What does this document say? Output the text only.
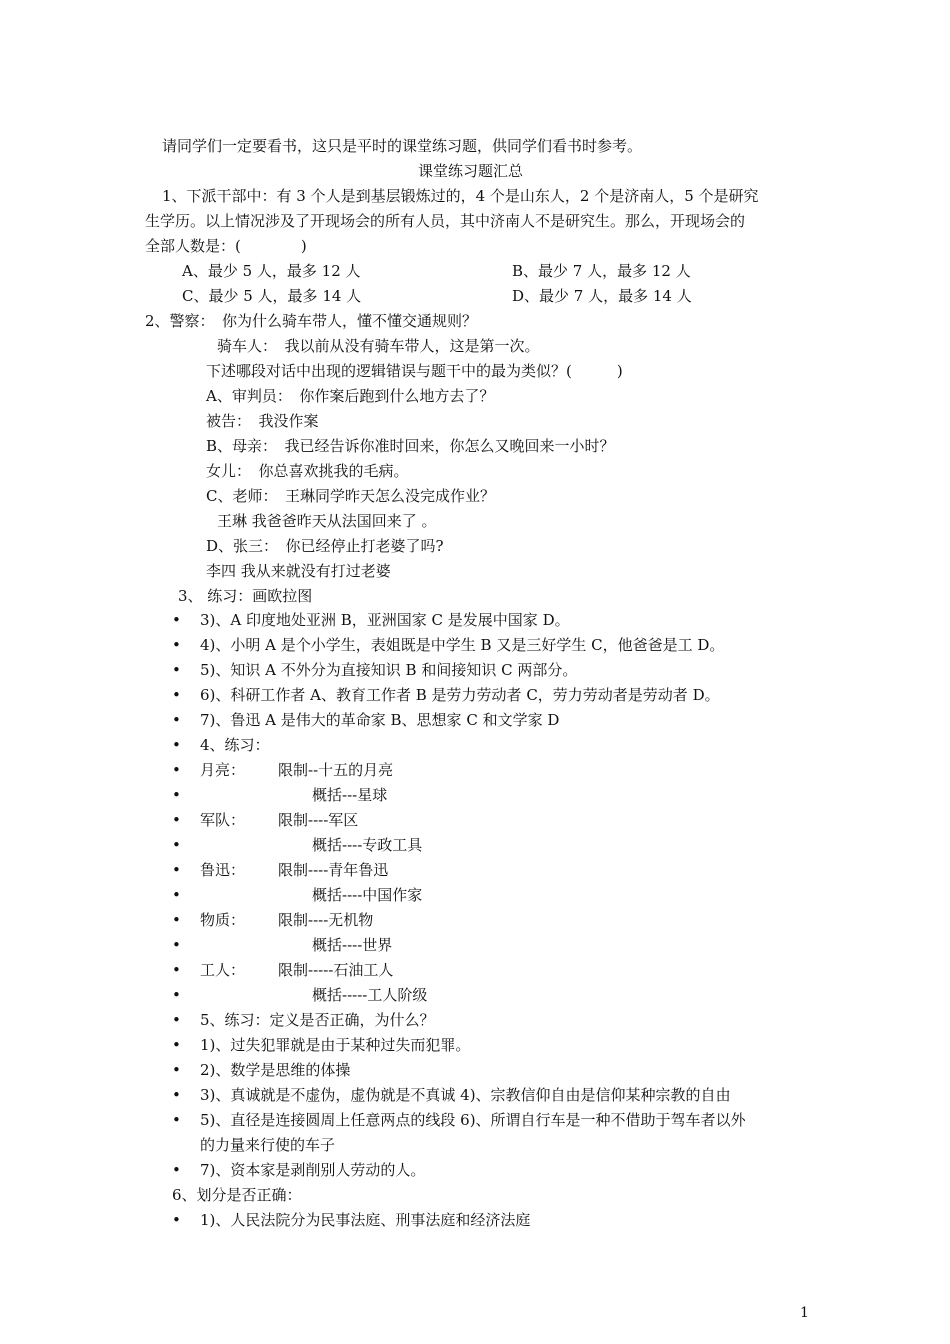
请同学们一定要看书，这只是平时的课堂练习题，供同学们看书时参考。
课堂练习题汇总
1、下派干部中：有 3 个人是到基层锻炼过的，4 个是山东人，2 个是济南人，5 个是研究
生学历。以上情况涉及了开现场会的所有人员，其中济南人不是研究生。那么，开现场会的
全部人数是：(　　　　)
A、最少 5 人，最多 12 人	B、最少 7 人，最多 12 人
C、最少 5 人，最多 14 人	D、最少 7 人，最多 14 人
2、警察：　你为什么骑车带人，懂不懂交通规则？
骑车人：　我以前从没有骑车带人，这是第一次。
下述哪段对话中出现的逻辑错误与题干中的最为类似？(　　　)
A、审判员：　你作案后跑到什么地方去了？
被告：　我没作案
B、母亲：　我已经告诉你准时回来，你怎么又晚回来一小时？
女儿：　你总喜欢挑我的毛病。
C、老师：　王琳同学昨天怎么没完成作业？
王琳 我爸爸昨天从法国回来了 。
D、张三：　你已经停止打老婆了吗?
李四 我从来就没有打过老婆
3、 练习：画欧拉图
• 3)、A 印度地处亚洲 B，亚洲国家 C 是发展中国家 D。
• 4)、小明 A 是个小学生，表姐既是中学生 B 又是三好学生 C，他爸爸是工 D。
• 5)、知识 A 不外分为直接知识 B 和间接知识 C 两部分。
• 6)、科研工作者 A、教育工作者 B 是劳力劳动者 C，劳力劳动者是劳动者 D。
• 7)、鲁迅 A 是伟大的革命家 B、思想家 C 和文学家 D
• 4、练习：
• 月亮： 限制--十五的月亮
•	概括---星球
• 军队： 限制----军区
•	概括----专政工具
• 鲁迅： 限制----青年鲁迅
•	概括----中国作家
• 物质： 限制----无机物
•	概括----世界
• 工人： 限制-----石油工人
•	概括-----工人阶级
• 5、练习：定义是否正确，为什么？
• 1)、过失犯罪就是由于某种过失而犯罪。
• 2)、数学是思维的体操
• 3)、真诚就是不虚伪，虚伪就是不真诚 4)、宗教信仰自由是信仰某种宗教的自由
• 5)、直径是连接圆周上任意两点的线段 6)、所谓自行车是一种不借助于驾车者以外
的力量来行使的车子
• 7)、资本家是剥削别人劳动的人。
6、划分是否正确：
• 1)、人民法院分为民事法庭、刑事法庭和经济法庭
1
